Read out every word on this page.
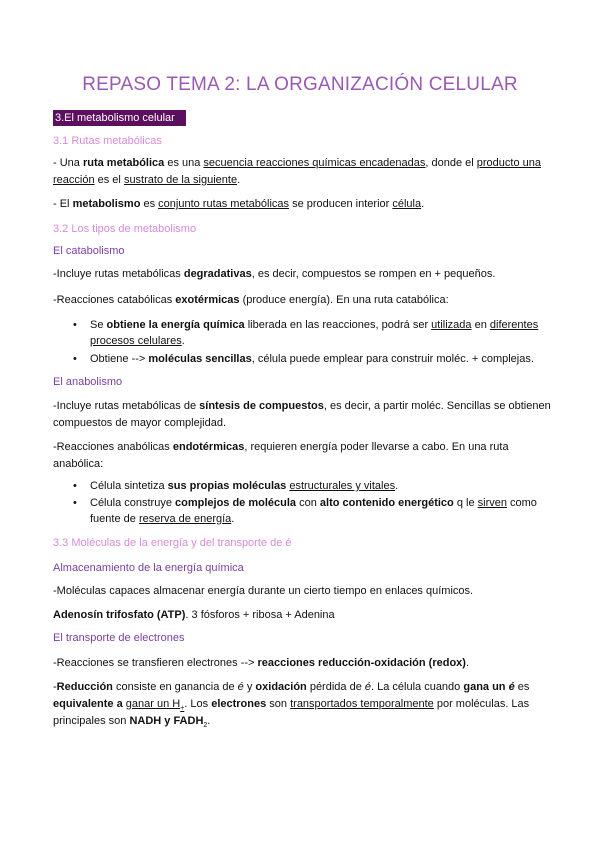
REPASO TEMA 2: LA ORGANIZACIÓN CELULAR
3.El metabolismo celular
3.1 Rutas metabólicas
- Una ruta metabólica es una secuencia reacciones químicas encadenadas, donde el producto una reacción es el sustrato de la siguiente.
- El metabolismo es conjunto rutas metabólicas se producen interior célula.
3.2 Los tipos de metabolismo
El catabolismo
-Incluye rutas metabólicas degradativas, es decir, compuestos se rompen en + pequeños.
-Reacciones catabólicas exotérmicas (produce energía). En una ruta catabólica:
• Se obtiene la energía química liberada en las reacciones, podrá ser utilizada en diferentes procesos celulares.
• Obtiene --> moléculas sencillas, célula puede emplear para construir moléc. + complejas.
El anabolismo
-Incluye rutas metabólicas de síntesis de compuestos, es decir, a partir moléc. Sencillas se obtienen compuestos de mayor complejidad.
-Reacciones anabólicas endotérmicas, requieren energía poder llevarse a cabo. En una ruta anabólica:
• Célula sintetiza sus propias moléculas estructurales y vitales.
• Célula construye complejos de molécula con alto contenido energético q le sirven como fuente de reserva de energía.
3.3 Moléculas de la energía y del transporte de é
Almacenamiento de la energía química
-Moléculas capaces almacenar energía durante un cierto tiempo en enlaces químicos.
Adenosín trifosfato (ATP). 3 fósforos + ribosa + Adenina
El transporte de electrones
-Reacciones se transfieren electrones --> reacciones reducción-oxidación (redox).
-Reducción consiste en ganancia de é y oxidación pérdida de é. La célula cuando gana un é es equivalente a ganar un $H_+$. Los electrones son transportados temporalmente por moléculas. Las principales son NADH y $FADH_2$.
